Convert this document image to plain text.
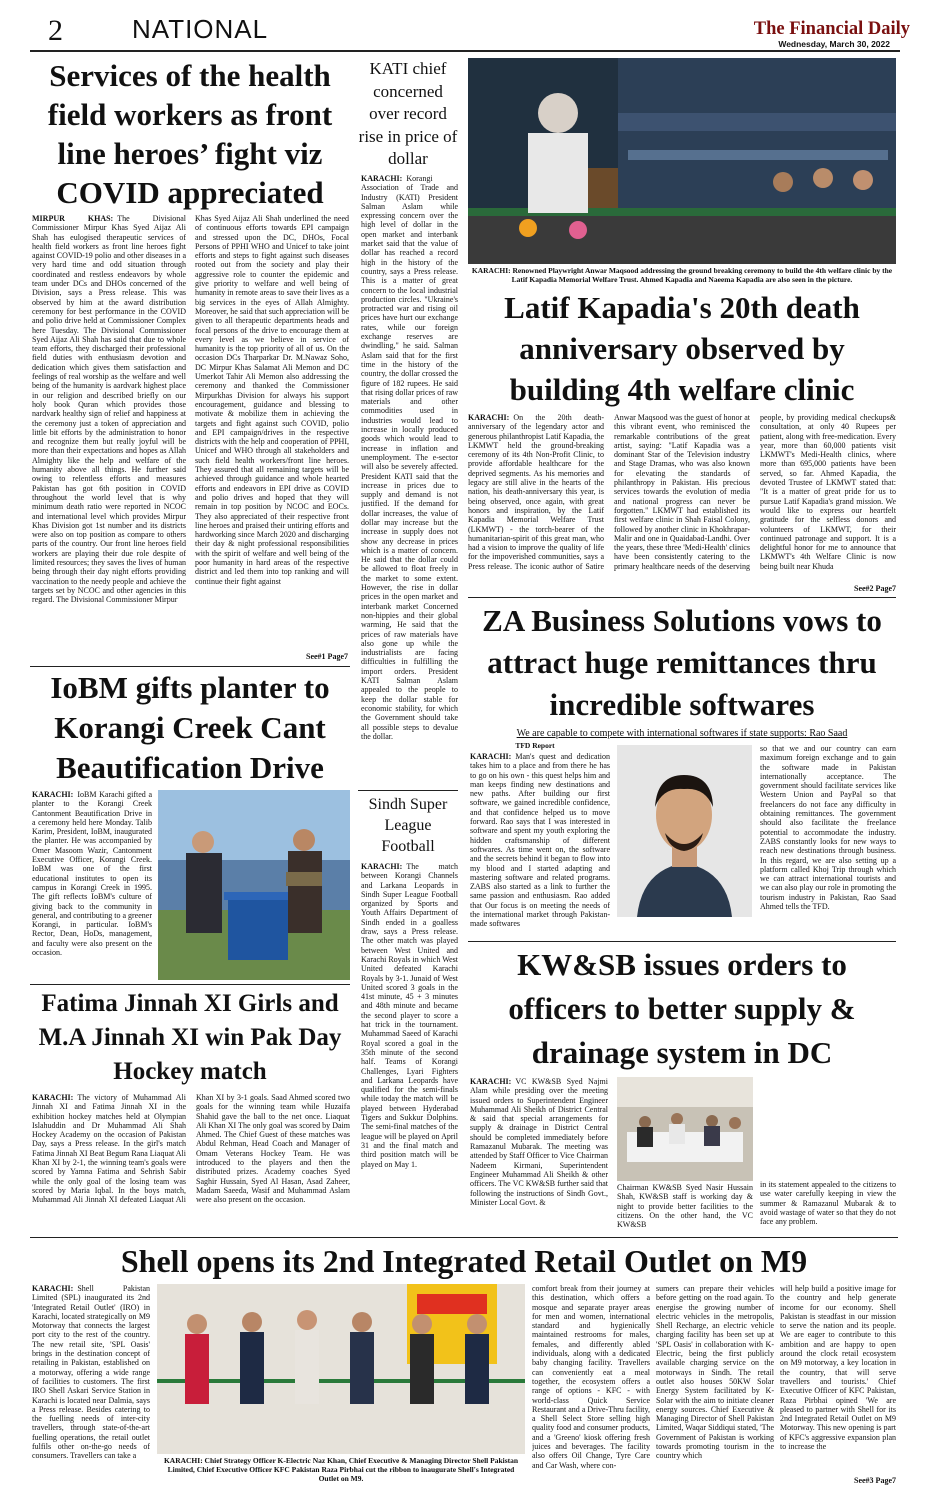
2	NATIONAL	The Financial Daily
Wednesday, March 30, 2022
Services of the health field workers as front line heroes’ fight viz COVID appreciated
MIRPUR KHAS: The Divisional Commissioner Mirpur Khas Syed Aijaz Ali Shah has eulogised therapeutic services of health field workers as front line heroes fight against COVID-19 polio and other diseases in a very hard time and odd situation through coordinated and restless endeavors by whole team under DCs and DHOs concerned of the Division, says a Press release. This was observed by him at the award distribution ceremony for best performance in the COVID and polio drive held at Commissioner Complex here Tuesday. The Divisional Commissioner Syed Aijaz Ali Shah has said that due to whole team efforts, they discharged their professional field duties with enthusiasm devotion and dedication which gives them satisfaction and feelings of real worship as the welfare and well being of the humanity is aardvark highest place in our religion and described briefly on our holy book Quran which provides those nardvark healthy sign of relief and happiness at the ceremony just a token of appreciation and little bit efforts by the administration to honor and recognize them but really joyful will be more than their expectations and hopes as Allah Almighty like the help and welfare of the humanity above all things. He further said owing to relentless efforts and measures Pakistan has got 6th position in COVID throughout the world level that is why minimum death ratio were reported in NCOC and international level which provides Mirpur Khas Division got 1st number and its districts were also on top position as compare to others parts of the country. Our front line heroes field workers are playing their due role despite of limited resources; they saves the lives of human being through their day night efforts providing vaccination to the needy people and achieve the targets set by NCOC and other agencies in this regard. The Divisional Commissioner Mirpur
Khas Syed Aijaz Ali Shah underlined the need of continuous efforts towards EPI campaign and stressed upon the DC, DHOs, Focal Persons of PPHI WHO and Unicef to take joint efforts and steps to fight against such diseases rooted out from the society and play their aggressive role to counter the epidemic and give priority to welfare and well being of humanity in remote areas to save their lives as a big services in the eyes of Allah Almighty. Moreover, he said that such appreciation will be given to all therapeutic departments heads and focal persons of the drive to encourage them at every level as we believe in service of humanity is the top priority of all of us. On the occasion DCs Tharparkar Dr. M.Nawaz Soho, DC Mirpur Khas Salamat Ali Memon and DC Umerkot Tahir Ali Memon also addressing the ceremony and thanked the Commissioner Mirpurkhas Division for always his support encouragement, guidance and blessing to motivate & mobilize them in achieving the targets and fight against such COVID, polio and EPI campaign/drives in the respective districts with the help and cooperation of PPHI, Unicef and WHO through all stakeholders and such field health workers/front line heroes. They assured that all remaining targets will be achieved through guidance and whole hearted efforts and endeavors in EPI drive as COVID and polio drives and hoped that they will remain in top position by NCOC and EOCs. They also appreciated of their respective front line heroes and praised their untiring efforts and hardworking since March 2020 and discharging their day & night professional responsibilities with the spirit of welfare and well being of the poor humanity in hard areas of the respective district and led them into top ranking and will continue their fight against
See#1 Page7
IoBM gifts planter to Korangi Creek Cant Beautification Drive
KARACHI: IoBM Karachi gifted a planter to the Korangi Creek Cantonment Beautification Drive in a ceremony held here Monday. Talib Karim, President, IoBM, inaugurated the planter. He was accompanied by Omer Masoom Wazir, Cantonment Executive Officer, Korangi Creek. IoBM was one of the first educational institutes to open its campus in Korangi Creek in 1995. The gift reflects IoBM's culture of giving back to the community in general, and contributing to a greener Korangi, in particular. IoBM's Rector, Dean, HoDs, management, and faculty were also present on the occasion.
Fatima Jinnah XI Girls and M.A Jinnah XI win Pak Day Hockey match
KARACHI: The victory of Muhammad Ali Jinnah XI and Fatima Jinnah XI in the exhibition hockey matches held at Olympian Islahuddin and Dr Muhammad Ali Shah Hockey Academy on the occasion of Pakistan Day, says a Press release. In the girl's match Fatima Jinnah XI Beat Begum Rana Liaquat Ali Khan XI by 2-1, the winning team's goals were scored by Yamna Fatima and Sehrish Sabir while the only goal of the losing team was scored by Maria Iqbal. In the boys match, Muhammad Ali Jinnah XI defeated Liaquat Ali Khan XI by 3-1 goals. Saad Ahmed scored two goals for the winning team while Huzaifa Shahid gave the ball to the net once. Liaquat Ali Khan XI The only goal was scored by Daim Ahmed. The Chief Guest of these matches was Abdul Rehman, Head Coach and Manager of Omam Veterans Hockey Team. He was introduced to the players and then the distributed prizes. Academy coaches Syed Saghir Hussain, Syed Al Hasan, Asad Zaheer, Madam Saeeda, Wasif and Muhammad Aslam were also present on the occasion.
KATI chief concerned over record rise in price of dollar
KARACHI: Korangi Association of Trade and Industry (KATI) President Salman Aslam while expressing concern over the high level of dollar in the open market and interbank market said that the value of dollar has reached a record high in the history of the country, says a Press release. This is a matter of great concern to the local industrial production circles. "Ukraine's protracted war and rising oil prices have hurt our exchange rates, while our foreign exchange reserves are dwindling," he said. Salman Aslam said that for the first time in the history of the country, the dollar crossed the figure of 182 rupees. He said that rising dollar prices of raw materials and other commodities used in industries would lead to increase in locally produced goods which would lead to increase in inflation and unemployment. The e-sector will also be severely affected. President KATI said that the increase in prices due to supply and demand is not justified. If the demand for dollar increases, the value of dollar may increase but the increase in supply does not show any decrease in prices which is a matter of concern. He said that the dollar could be allowed to float freely in the market to some extent. However, the rise in dollar prices in the open market and interbank market Concerned non-hippies and their global warming, He said that the prices of raw materials have also gone up while the industrialists are facing difficulties in fulfilling the import orders. President KATI Salman Aslam appealed to the people to keep the dollar stable for economic stability, for which the Government should take all possible steps to devalue the dollar.
Sindh Super League Football
KARACHI: The match between Korangi Channels and Larkana Leopards in Sindh Super League Football organized by Sports and Youth Affairs Department of Sindh ended in a goalless draw, says a Press release. The other match was played between West United and Karachi Royals in which West United defeated Karachi Royals by 3-1. Junaid of West United scored 3 goals in the 41st minute, 45 + 3 minutes and 48th minute and became the second player to score a hat trick in the tournament. Muhammad Saeed of Karachi Royal scored a goal in the 35th minute of the second half. Teams of Korangi Challenges, Lyari Fighters and Larkana Leopards have qualified for the semi-finals while today the match will be played between Hyderabad Tigers and Sukkur Dolphins. The semi-final matches of the league will be played on April 31 and the final match and third position match will be played on May 1.
KARACHI: Renowned Playwright Anwar Maqsood addressing the ground breaking ceremony to build the 4th welfare clinic by the Latif Kapadia Memorial Welfare Trust. Ahmed Kapadia and Naeema Kapadia are also seen in the picture.
Latif Kapadia's 20th death anniversary observed by building 4th welfare clinic
KARACHI: On the 20th death-anniversary of the legendary actor and generous philanthropist Latif Kapadia, the LKMWT held the ground-breaking ceremony of its 4th Non-Profit Clinic, to provide affordable healthcare for the deprived segments. As his memories and legacy are still alive in the hearts of the nation, his death-anniversary this year, is being observed, once again, with great honors and inspiration, by the Latif Kapadia Memorial Welfare Trust (LKMWT) - the torch-bearer of the humanitarian-spirit of this great man, who had a vision to improve the quality of life for the impoverished communities, says a Press release. The iconic author of Satire Anwar Maqsood was the guest of honor at this vibrant event, who reminisced the remarkable contributions of the great artist, saying: "Latif Kapadia was a dominant Star of the Television industry and Stage Dramas, who was also known for elevating the standards of philanthropy in Pakistan. His precious services towards the evolution of media and national progress can never be forgotten." LKMWT had established its first welfare clinic in Shah Faisal Colony, followed by another clinic in Khokhrapar-Malir and one in Quaidabad-Landhi. Over the years, these three 'Medi-Health' clinics have been consistently catering to the primary healthcare needs of the deserving people, by providing medical checkups& consultation, at only 40 Rupees per patient, along with free-medication. Every year, more than 60,000 patients visit LKMWT's Medi-Health clinics, where more than 695,000 patients have been served, so far. Ahmed Kapadia, the devoted Trustee of LKMWT stated that: "It is a matter of great pride for us to pursue Latif Kapadia's grand mission. We would like to express our heartfelt gratitude for the selfless donors and volunteers of LKMWT, for their continued patronage and support. It is a delightful honor for me to announce that LKMWT's 4th Welfare Clinic is now being built near Khuda
See#2 Page7
ZA Business Solutions vows to attract huge remittances thru incredible softwares
We are capable to compete with international softwares if state supports: Rao Saad
TFD Report
KARACHI: Man's quest and dedication takes him to a place and from there he has to go on his own - this quest helps him and man keeps finding new destinations and new paths. After building our first software, we gained incredible confidence, and that confidence helped us to move forward. Rao says that I was interested in software and spent my youth exploring the hidden craftsmanship of different softwares. As time went on, the software and the secrets behind it began to flow into my blood and I started adapting and mastering software and related programs. ZABS also started as a link to further the same passion and enthusiasm. Rao added that Our focus is on meeting the needs of the international market through Pakistan-made softwares
so that we and our country can earn maximum foreign exchange and to gain the software made in Pakistan internationally acceptance. The government should facilitate services like Western Union and PayPal so that freelancers do not face any difficulty in obtaining remittances. The government should also facilitate the freelance potential to accommodate the industry. ZABS constantly looks for new ways to reach new destinations through business. In this regard, we are also setting up a platform called Khoj Trip through which we can attract international tourists and we can also play our role in promoting the tourism industry in Pakistan, Rao Saad Ahmed tells the TFD.
KW&SB issues orders to officers to better supply & drainage system in DC
KARACHI: VC KW&SB Syed Najmi Alam while presiding over the meeting issued orders to Superintendent Engineer Muhammad Ali Sheikh of District Central & said that special arrangements for supply & drainage in District Central should be completed immediately before Ramazanul Mubarak. The meeting was attended by Staff Officer to Vice Chairman Nadeem Kirmani, Superintendent Engineer Muhammad Ali Sheikh & other officers. The VC KW&SB further said that following the instructions of Sindh Govt., Minister Local Govt. &
Chairman KW&SB Syed Nasir Hussain Shah, KW&SB staff is working day & night to provide better facilities to the citizens. On the other hand, the VC KW&SB
in its statement appealed to the citizens to use water carefully keeping in view the summer & Ramazanul Mubarak & to avoid wastage of water so that they do not face any problem.
Shell opens its 2nd Integrated Retail Outlet on M9
KARACHI: Shell Pakistan Limited (SPL) inaugurated its 2nd 'Integrated Retail Outlet' (IRO) in Karachi, located strategically on M9 Motorway that connects the largest port city to the rest of the country. The new retail site, 'SPL Oasis' brings in the destination concept of retailing in Pakistan, established on a motorway, offering a wide range of facilities to customers. The first IRO Shell Askari Service Station in Karachi is located near Dalmia, says a Press release. Besides catering to the fuelling needs of inter-city travellers, through state-of-the-art fuelling operations, the retail outlet fulfils other on-the-go needs of consumers. Travellers can take a
KARACHI: Chief Strategy Officer K-Electric Naz Khan, Chief Executive & Managing Director Shell Pakistan Limited, Chief Executive Officer KFC Pakistan Raza Pirbhai cut the ribbon to inaugurate Shell's Integrated Outlet on M9.
comfort break from their journey at this destination, which offers a mosque and separate prayer areas for men and women, international standard and hygienically maintained restrooms for males, females, and differently abled individuals, along with a dedicated baby changing facility. Travellers can conveniently eat a meal together, the ecosystem offers a range of options - KFC - with world-class Quick Service Restaurant and a Drive-Thru facility, a Shell Select Store selling high quality food and consumer products, and a 'Greeno' kiosk offering fresh juices and beverages. The facility also offers Oil Change, Tyre Care and Car Wash, where con-
sumers can prepare their vehicles before getting on the road again. To energise the growing number of electric vehicles in the metropolis, Shell Recharge, an electric vehicle charging facility has been set up at 'SPL Oasis' in collaboration with K-Electric, being the first publicly available charging service on the motorways in Sindh. The retail outlet also houses 50KW Solar Energy System facilitated by K-Solar with the aim to initiate cleaner energy sources. Chief Executive & Managing Director of Shell Pakistan Limited, Waqar Siddiqui stated, 'The Government of Pakistan is working towards promoting tourism in the country which
will help build a positive image for the country and help generate income for our economy. Shell Pakistan is steadfast in our mission to serve the nation and its people. We are eager to contribute to this ambition and are happy to open around the clock retail ecosystem on M9 motorway, a key location in the country, that will serve travellers and tourists.' Chief Executive Officer of KFC Pakistan, Raza Pirbhai opined 'We are pleased to partner with Shell for its 2nd Integrated Retail Outlet on M9 Motorway. This new opening is part of KFC's aggressive expansion plan to increase the
See#3 Page7
